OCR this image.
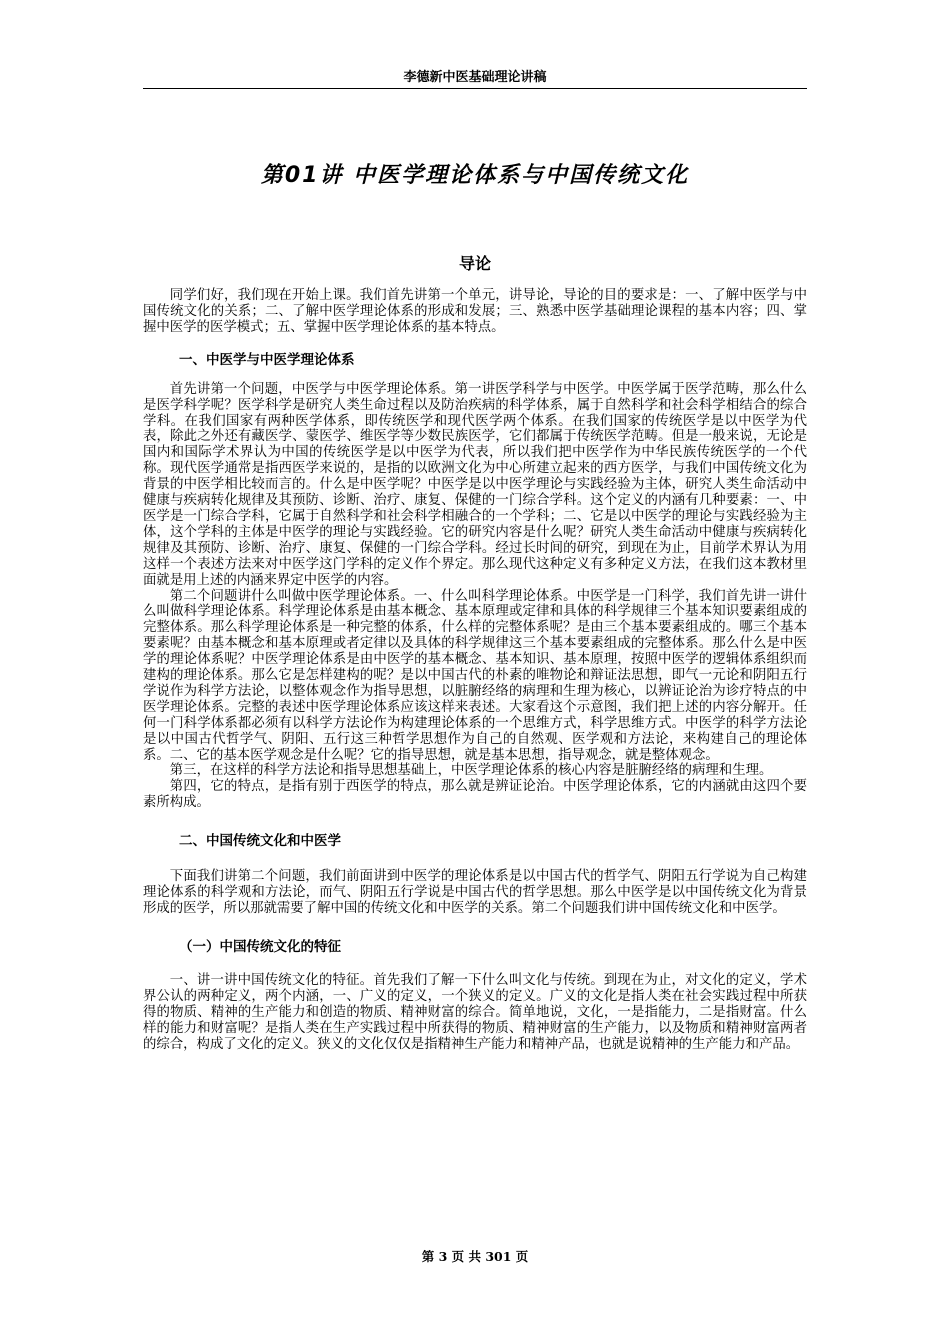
李德新中医基础理论讲稿
第01讲 中医学理论体系与中国传统文化
导论

同学们好，我们现在开始上课。我们首先讲第一个单元，讲导论，导论的目的要求是：一、了解中医学与中国传统文化的关系；二、了解中医学理论体系的形成和发展；三、熟悉中医学基础理论课程的基本内容；四、掌握中医学的医学模式；五、掌握中医学理论体系的基本特点。

一、中医学与中医学理论体系

首先讲第一个问题，中医学与中医学理论体系。第一讲医学科学与中医学。中医学属于医学范畴，那么什么是医学科学呢？医学科学是研究人类生命过程以及防治疾病的科学体系，属于自然科学和社会科学相结合的综合学科。在我们国家有两种医学体系，即传统医学和现代医学两个体系。在我们国家的传统医学是以中医学为代表，除此之外还有藏医学、蒙医学、维医学等少数民族医学，它们都属于传统医学范畴。但是一般来说，无论是国内和国际学术界认为中国的传统医学是以中医学为代表，所以我们把中医学作为中华民族传统医学的一个代称。现代医学通常是指西医学来说的，是指的以欧洲文化为中心所建立起来的西方医学，与我们中国传统文化为背景的中医学相比较而言的。什么是中医学呢？中医学是以中医学理论与实践经验为主体，研究人类生命活动中健康与疾病转化规律及其预防、诊断、治疗、康复、保健的一门综合学科。这个定义的内涵有几种要素：一、中医学是一门综合学科，它属于自然科学和社会科学相融合的一个学科；二、它是以中医学的理论与实践经验为主体，这个学科的主体是中医学的理论与实践经验。它的研究内容是什么呢？研究人类生命活动中健康与疾病转化规律及其预防、诊断、治疗、康复、保健的一门综合学科。经过长时间的研究，到现在为止，目前学术界认为用这样一个表述方法来对中医学这门学科的定义作个界定。那么现代这种定义有多种定义方法，在我们这本教材里面就是用上述的内涵来界定中医学的内容。

第二个问题讲什么叫做中医学理论体系。一、什么叫科学理论体系。中医学是一门科学，我们首先讲一讲什么叫做科学理论体系。科学理论体系是由基本概念、基本原理或定律和具体的科学规律三个基本知识要素组成的完整体系。那么科学理论体系是一种完整的体系，什么样的完整体系呢？是由三个基本要素组成的。哪三个基本要素呢？由基本概念和基本原理或者定律以及具体的科学规律这三个基本要素组成的完整体系。那么什么是中医学的理论体系呢？中医学理论体系是由中医学的基本概念、基本知识、基本原理，按照中医学的逻辑体系组织而建构的理论体系。那么它是怎样建构的呢？是以中国古代的朴素的唯物论和辩证法思想，即气一元论和阴阳五行学说作为科学方法论，以整体观念作为指导思想，以脏腑经络的病理和生理为核心，以辨证论治为诊疗特点的中医学理论体系。完整的表述中医学理论体系应该这样来表述。大家看这个示意图，我们把上述的内容分解开。任何一门科学体系都必须有以科学方法论作为构建理论体系的一个思维方式，科学思维方式。中医学的科学方法论是以中国古代哲学气、阴阳、五行这三种哲学思想作为自己的自然观、医学观和方法论，来构建自己的理论体系。二、它的基本医学观念是什么呢？它的指导思想，就是基本思想，指导观念，就是整体观念。

第三，在这样的科学方法论和指导思想基础上，中医学理论体系的核心内容是脏腑经络的病理和生理。

第四，它的特点，是指有别于西医学的特点，那么就是辨证论治。中医学理论体系，它的内涵就由这四个要素所构成。

二、中国传统文化和中医学

下面我们讲第二个问题，我们前面讲到中医学的理论体系是以中国古代的哲学气、阴阳五行学说为自己构建理论体系的科学观和方法论，而气、阴阳五行学说是中国古代的哲学思想。那么中医学是以中国传统文化为背景形成的医学，所以那就需要了解中国的传统文化和中医学的关系。第二个问题我们讲中国传统文化和中医学。

（一）中国传统文化的特征

一、讲一讲中国传统文化的特征。首先我们了解一下什么叫文化与传统。到现在为止，对文化的定义，学术界公认的两种定义，两个内涵，一、广义的定义，一个狭义的定义。广义的文化是指人类在社会实践过程中所获得的物质、精神的生产能力和创造的物质、精神财富的综合。简单地说，文化，一是指能力，二是指财富。什么样的能力和财富呢？是指人类在生产实践过程中所获得的物质、精神财富的生产能力，以及物质和精神财富两者的综合，构成了文化的定义。狭义的文化仅仅是指精神生产能力和精神产品，也就是说精神的生产能力和产品。

第 3 页 共 301 页
